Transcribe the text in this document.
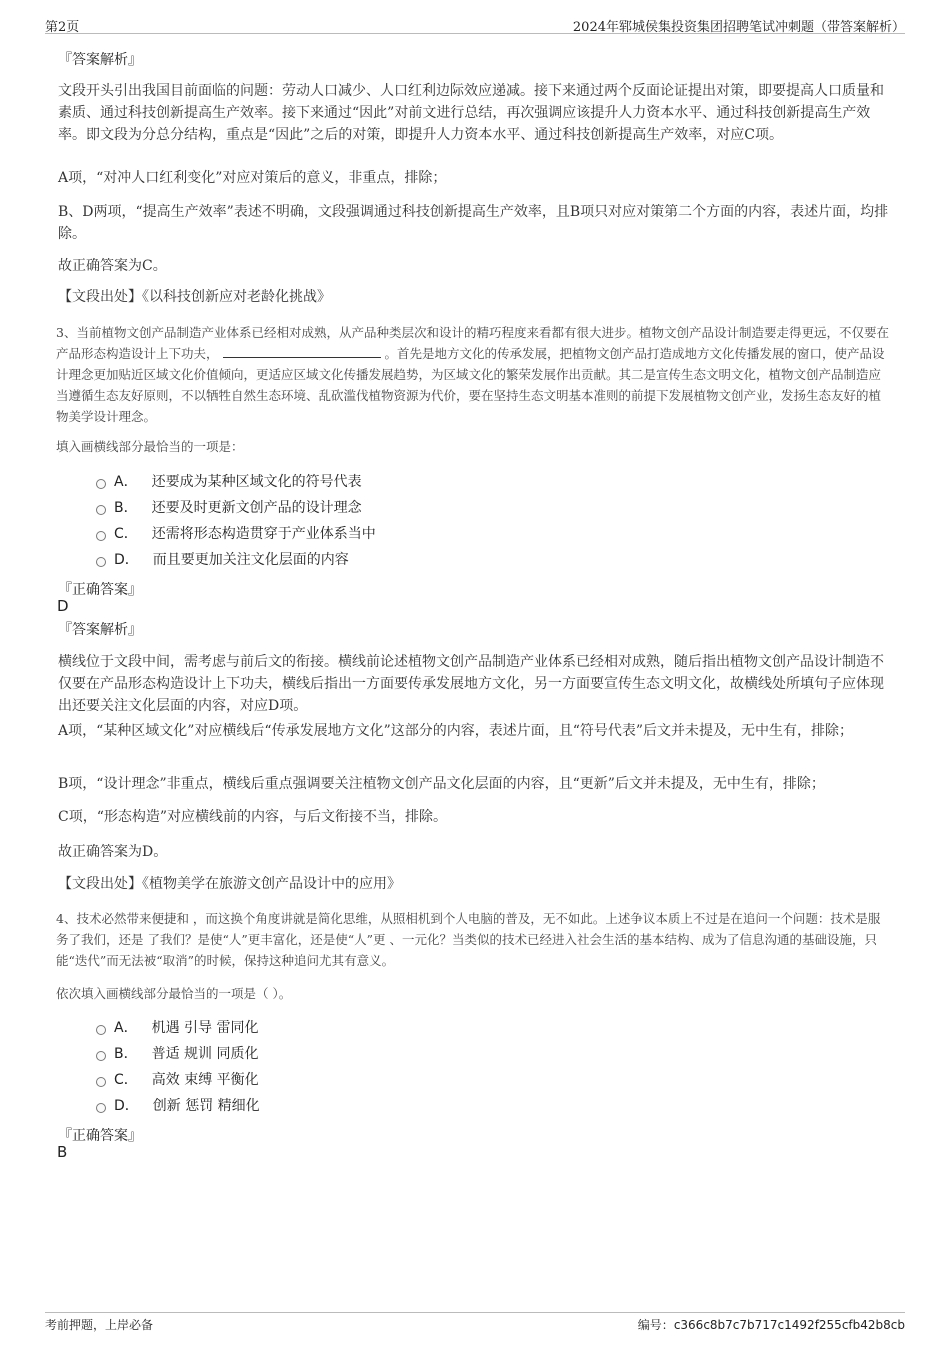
第2页	2024年郓城侯集投资集团招聘笔试冲刺题（带答案解析）
『答案解析』
文段开头引出我国目前面临的问题：劳动人口减少、人口红利边际效应递减。接下来通过两个反面论证提出对策，即要提高人口质量和素质、通过科技创新提高生产效率。接下来通过“因此”对前文进行总结，再次强调应该提升人力资本水平、通过科技创新提高生产效率。即文段为分总分结构，重点是“因此”之后的对策，即提升人力资本水平、通过科技创新提高生产效率，对应C项。
A项，“对冲人口红利变化”对应对策后的意义，非重点，排除；
B、D两项，“提高生产效率”表述不明确，文段强调通过科技创新提高生产效率，且B项只对应对策第二个方面的内容，表述片面，均排除。
故正确答案为C。
【文段出处】《以科技创新应对老龄化挑战》
3、当前植物文创产品制造产业体系已经相对成熟，从产品种类层次和设计的精巧程度来看都有很大进步。植物文创产品设计制造要走得更远，不仅要在产品形态构造设计上下功夫，	。首先是地方文化的传承发展，把植物文创产品打造成地方文化传播发展的窗口，使产品设计理念更加贴近区域文化价值倾向，更适应区域文化传播发展趋势，为区域文化的繁荣发展作出贡献。其二是宣传生态文明文化，植物文创产品制造应当遵循生态友好原则，不以牺牲自然生态环境、乱砍滥伐植物资源为代价，要在坚持生态文明基本准则的前提下发展植物文创产业，发扬生态友好的植物美学设计理念。
填入画横线部分最恰当的一项是：
A． 还要成为某种区域文化的符号代表
B． 还要及时更新文创产品的设计理念
C． 还需将形态构造贯穿于产业体系当中
D． 而且要更加关注文化层面的内容
『正确答案』
D
『答案解析』
横线位于文段中间，需考虑与前后文的衔接。横线前论述植物文创产品制造产业体系已经相对成熟，随后指出植物文创产品设计制造不仅要在产品形态构造设计上下功夫，横线后指出一方面要传承发展地方文化，另一方面要宣传生态文明文化，故横线处所填句子应体现出还要关注文化层面的内容，对应D项。
A项，“某种区域文化”对应横线后“传承发展地方文化”这部分的内容，表述片面，且“符号代表”后文并未提及，无中生有，排除；
B项，“设计理念”非重点，横线后重点强调要关注植物文创产品文化层面的内容，且“更新”后文并未提及，无中生有，排除；
C项，“形态构造”对应横线前的内容，与后文衔接不当，排除。
故正确答案为D。
【文段出处】《植物美学在旅游文创产品设计中的应用》
4、技术必然带来便捷和 ，而这换个角度讲就是简化思维，从照相机到个人电脑的普及，无不如此。上述争议本质上不过是在追问一个问题：技术是服务了我们，还是 了我们？是使“人”更丰富化，还是使“人”更 、一元化？当类似的技术已经进入社会生活的基本结构、成为了信息沟通的基础设施，只能“迭代”而无法被“取消”的时候，保持这种追问尤其有意义。
依次填入画横线部分最恰当的一项是（ ）。
A． 机遇 引导 雷同化
B． 普适 规训 同质化
C． 高效 束缚 平衡化
D． 创新 惩罚 精细化
『正确答案』
B
考前押题，上岸必备	编号：c366c8b7c7b717c1492f255cfb42b8cb
